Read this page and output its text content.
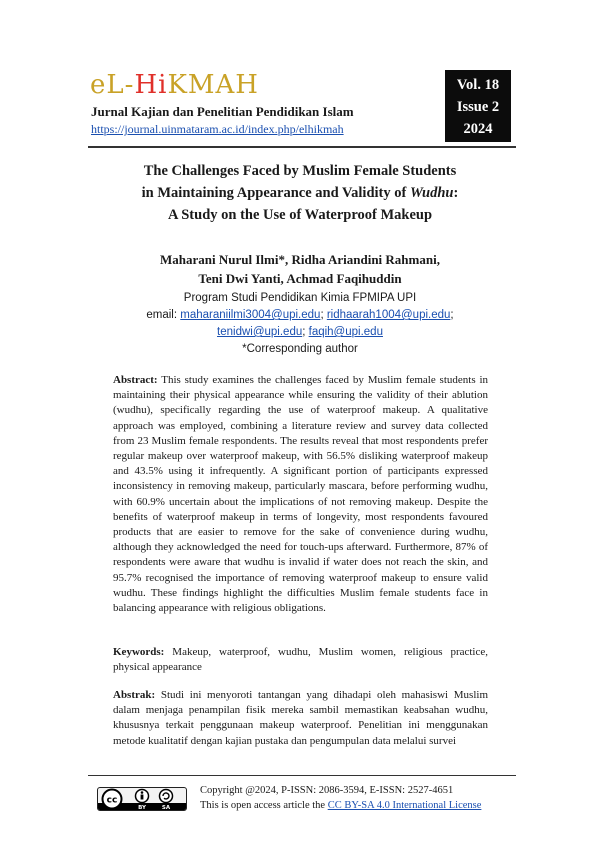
eL-HiKMAH
Jurnal Kajian dan Penelitian Pendidikan Islam
https://journal.uinmataram.ac.id/index.php/elhikmah
Vol. 18
Issue 2
2024
The Challenges Faced by Muslim Female Students
in Maintaining Appearance and Validity of Wudhu:
A Study on the Use of Waterproof Makeup
Maharani Nurul Ilmi*, Ridha Ariandini Rahmani,
Teni Dwi Yanti, Achmad Faqihuddin
Program Studi Pendidikan Kimia FPMIPA UPI
email: maharaniilmi3004@upi.edu; ridhaarah1004@upi.edu;
tenidwi@upi.edu; faqih@upi.edu
*Corresponding author
Abstract: This study examines the challenges faced by Muslim female students in maintaining their physical appearance while ensuring the validity of their ablution (wudhu), specifically regarding the use of waterproof makeup. A qualitative approach was employed, combining a literature review and survey data collected from 23 Muslim female respondents. The results reveal that most respondents prefer regular makeup over waterproof makeup, with 56.5% disliking waterproof makeup and 43.5% using it infrequently. A significant portion of participants expressed inconsistency in removing makeup, particularly mascara, before performing wudhu, with 60.9% uncertain about the implications of not removing makeup. Despite the benefits of waterproof makeup in terms of longevity, most respondents favoured products that are easier to remove for the sake of convenience during wudhu, although they acknowledged the need for touch-ups afterward. Furthermore, 87% of respondents were aware that wudhu is invalid if water does not reach the skin, and 95.7% recognised the importance of removing waterproof makeup to ensure valid wudhu. These findings highlight the difficulties Muslim female students face in balancing appearance with religious obligations.
Keywords: Makeup, waterproof, wudhu, Muslim women, religious practice, physical appearance
Abstrak: Studi ini menyoroti tantangan yang dihadapi oleh mahasiswi Muslim dalam menjaga penampilan fisik mereka sambil memastikan keabsahan wudhu, khususnya terkait penggunaan makeup waterproof. Penelitian ini menggunakan metode kualitatif dengan kajian pustaka dan pengumpulan data melalui survei
cc
BY	SA
Copyright @2024, P-ISSN: 2086-3594, E-ISSN: 2527-4651
This is open access article the CC BY-SA 4.0 International License
